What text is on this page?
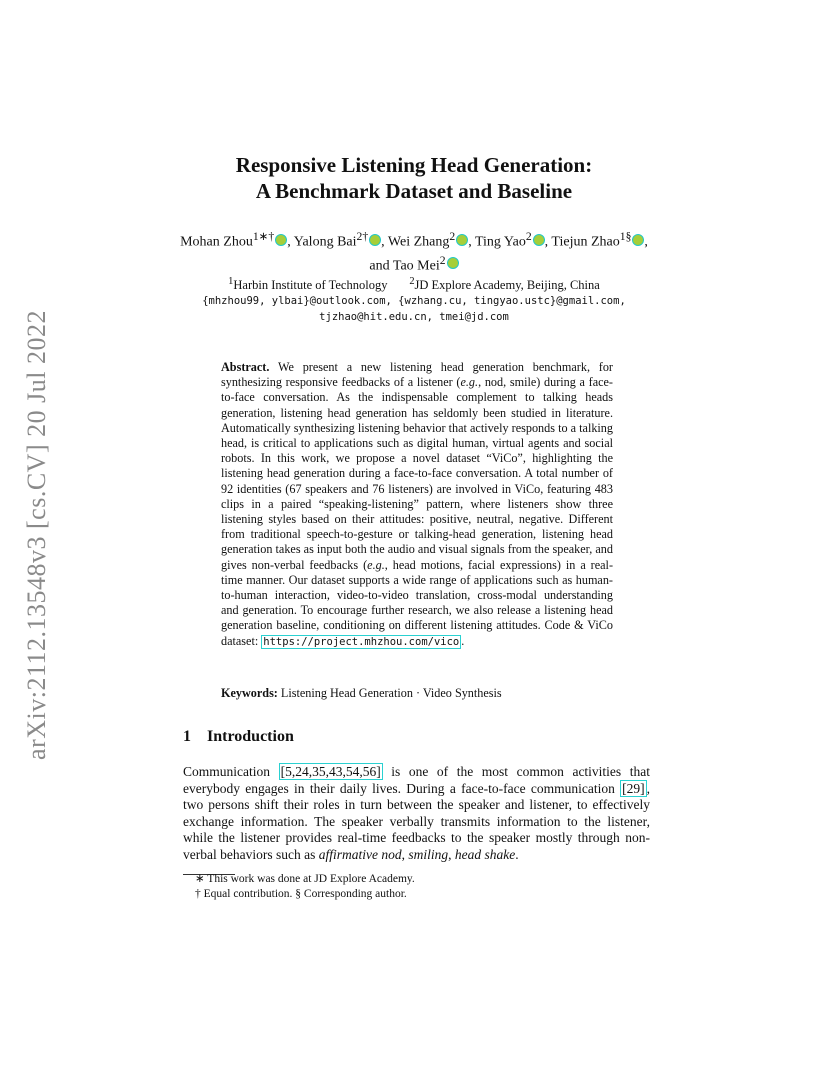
arXiv:2112.13548v3 [cs.CV] 20 Jul 2022
Responsive Listening Head Generation:
A Benchmark Dataset and Baseline
Mohan Zhou$^{1∗\dagger}$ , Yalong Bai$^{2\dagger}$ , Wei Zhang$^2$ , Ting Yao$^2$ , Tiejun Zhao$^{1\S}$ ,
and Tao Mei$^2$
$^1$Harbin Institute of Technology $^2$JD Explore Academy, Beijing, China
{mhzhou99, ylbai}@outlook.com, {wzhang.cu, tingyao.ustc}@gmail.com,
tjzhao@hit.edu.cn, tmei@jd.com
Abstract. We present a new listening head generation benchmark, for synthesizing responsive feedbacks of a listener (e.g., nod, smile) during a face-to-face conversation. As the indispensable complement to talking heads generation, listening head generation has seldomly been studied in literature. Automatically synthesizing listening behavior that actively responds to a talking head, is critical to applications such as digital human, virtual agents and social robots. In this work, we propose a novel dataset “ViCo”, highlighting the listening head generation during a face-to-face conversation. A total number of 92 identities (67 speakers and 76 listeners) are involved in ViCo, featuring 483 clips in a paired “speaking-listening” pattern, where listeners show three listening styles based on their attitudes: positive, neutral, negative. Different from traditional speech-to-gesture or talking-head generation, listening head generation takes as input both the audio and visual signals from the speaker, and gives non-verbal feedbacks (e.g., head motions, facial expressions) in a real-time manner. Our dataset supports a wide range of applications such as human-to-human interaction, video-to-video translation, cross-modal understanding and generation. To encourage further research, we also release a listening head generation baseline, conditioning on different listening attitudes. Code & ViCo dataset: https://project.mhzhou.com/vico .
Keywords: Listening Head Generation · Video Synthesis
1 Introduction
Communication [5,24,35,43,54,56] is one of the most common activities that everybody engages in their daily lives. During a face-to-face communication [29] , two persons shift their roles in turn between the speaker and listener, to effectively exchange information. The speaker verbally transmits information to the listener, while the listener provides real-time feedbacks to the speaker mostly through non-verbal behaviors such as affirmative nod, smiling, head shake.
∗ This work was done at JD Explore Academy.
† Equal contribution. § Corresponding author.
